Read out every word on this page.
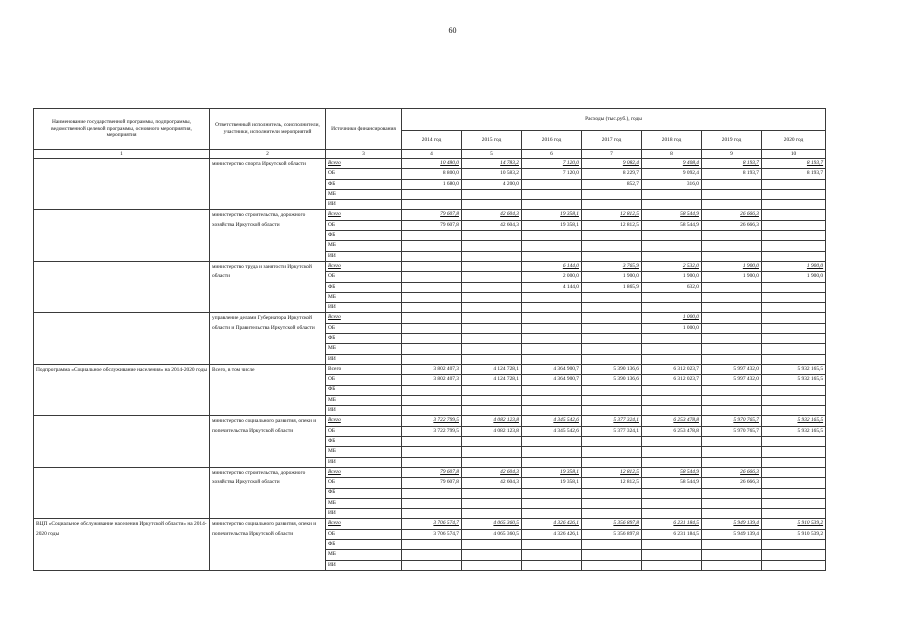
60
Наименование государственной программы, подпрограммы, ведомственной целевой программы, основного мероприятия, мероприятия	Ответственный исполнитель, соисполнители, участники, исполнители мероприятий	Источники финансирования	Расходы (тыс.руб.), годы						
			2014 год	2015 год	2016 год	2017 год	2018 год	2019 год	2020 год
1	2	3	4	5	6	7	8	9	10
	министерство спорта Иркутской области	Всего	10 480,0	14 783,2	7 120,0	9 082,4	9 408,4	8 193,7	8 193,7
		ОБ	8 800,0	10 583,2	7 120,0	8 229,7	9 092,4	8 193,7	8 193,7
		ФБ	1 680,0	4 200,0		852,7	316,0		
		МБ							
		ИИ							
	министерство строительства, дорожного хозяйства Иркутской области	Всего	79 607,8	42 604,3	19 358,1	12 812,5	58 544,9	26 666,3	
		ОБ	79 607,8	42 604,3	19 358,1	12 812,5	58 544,9	26 666,3	
		ФБ							
		МБ							
		ИИ							
	министерство труда и занятости Иркутской области	Всего			6 144,0	3 765,9	2 532,0	1 900,0	1 900,0
		ОБ			2 000,0	1 900,0	1 900,0	1 900,0	1 900,0
		ФБ			4 144,0	1 865,9	632,0		
		МБ							
		ИИ							
	управление делами Губернатора Иркутской области и Правительства Иркутской области	Всего					1 000,0		
		ОБ					1 000,0		
		ФБ							
		МБ							
		ИИ							
Подпрограмма «Социальное обслуживание населения» на 2014-2020 годы	Всего, в том числе	Всего	3 802 407,3	4 124 728,1	4 364 900,7	5 390 136,6	6 312 023,7	5 997 432,0	5 932 165,5
		ОБ	3 802 407,3	4 124 728,1	4 364 900,7	5 390 136,6	6 312 023,7	5 997 432,0	5 932 165,5
		ФБ							
		МБ							
		ИИ							
	министерство социального развития, опеки и попечительства Иркутской области	Всего	3 722 799,5	4 082 123,8	4 345 542,6	5 377 324,1	6 253 478,8	5 970 765,7	5 932 165,5
		ОБ	3 722 799,5	4 082 123,8	4 345 542,6	5 377 324,1	6 253 478,8	5 970 765,7	5 932 165,5
		ФБ							
		МБ							
		ИИ							
	министерство строительства, дорожного хозяйства Иркутской области	Всего	79 607,8	42 604,3	19 358,1	12 812,5	58 544,9	26 666,3	
		ОБ	79 607,8	42 604,3	19 358,1	12 812,5	58 544,9	26 666,3	
		ФБ							
		МБ							
		ИИ							
ВЦП «Социальное обслуживание населения Иркутской области» на 2014-2020 годы	министерство социального развития, опеки и попечительства Иркутской области	Всего	3 706 574,7	4 065 360,5	4 326 426,1	5 356 897,8	6 231 184,5	5 949 139,4	5 910 539,2
		ОБ	3 706 574,7	4 065 360,5	4 326 426,1	5 356 897,8	6 231 184,5	5 949 139,4	5 910 539,2
		ФБ							
		МБ							
		ИИ							
